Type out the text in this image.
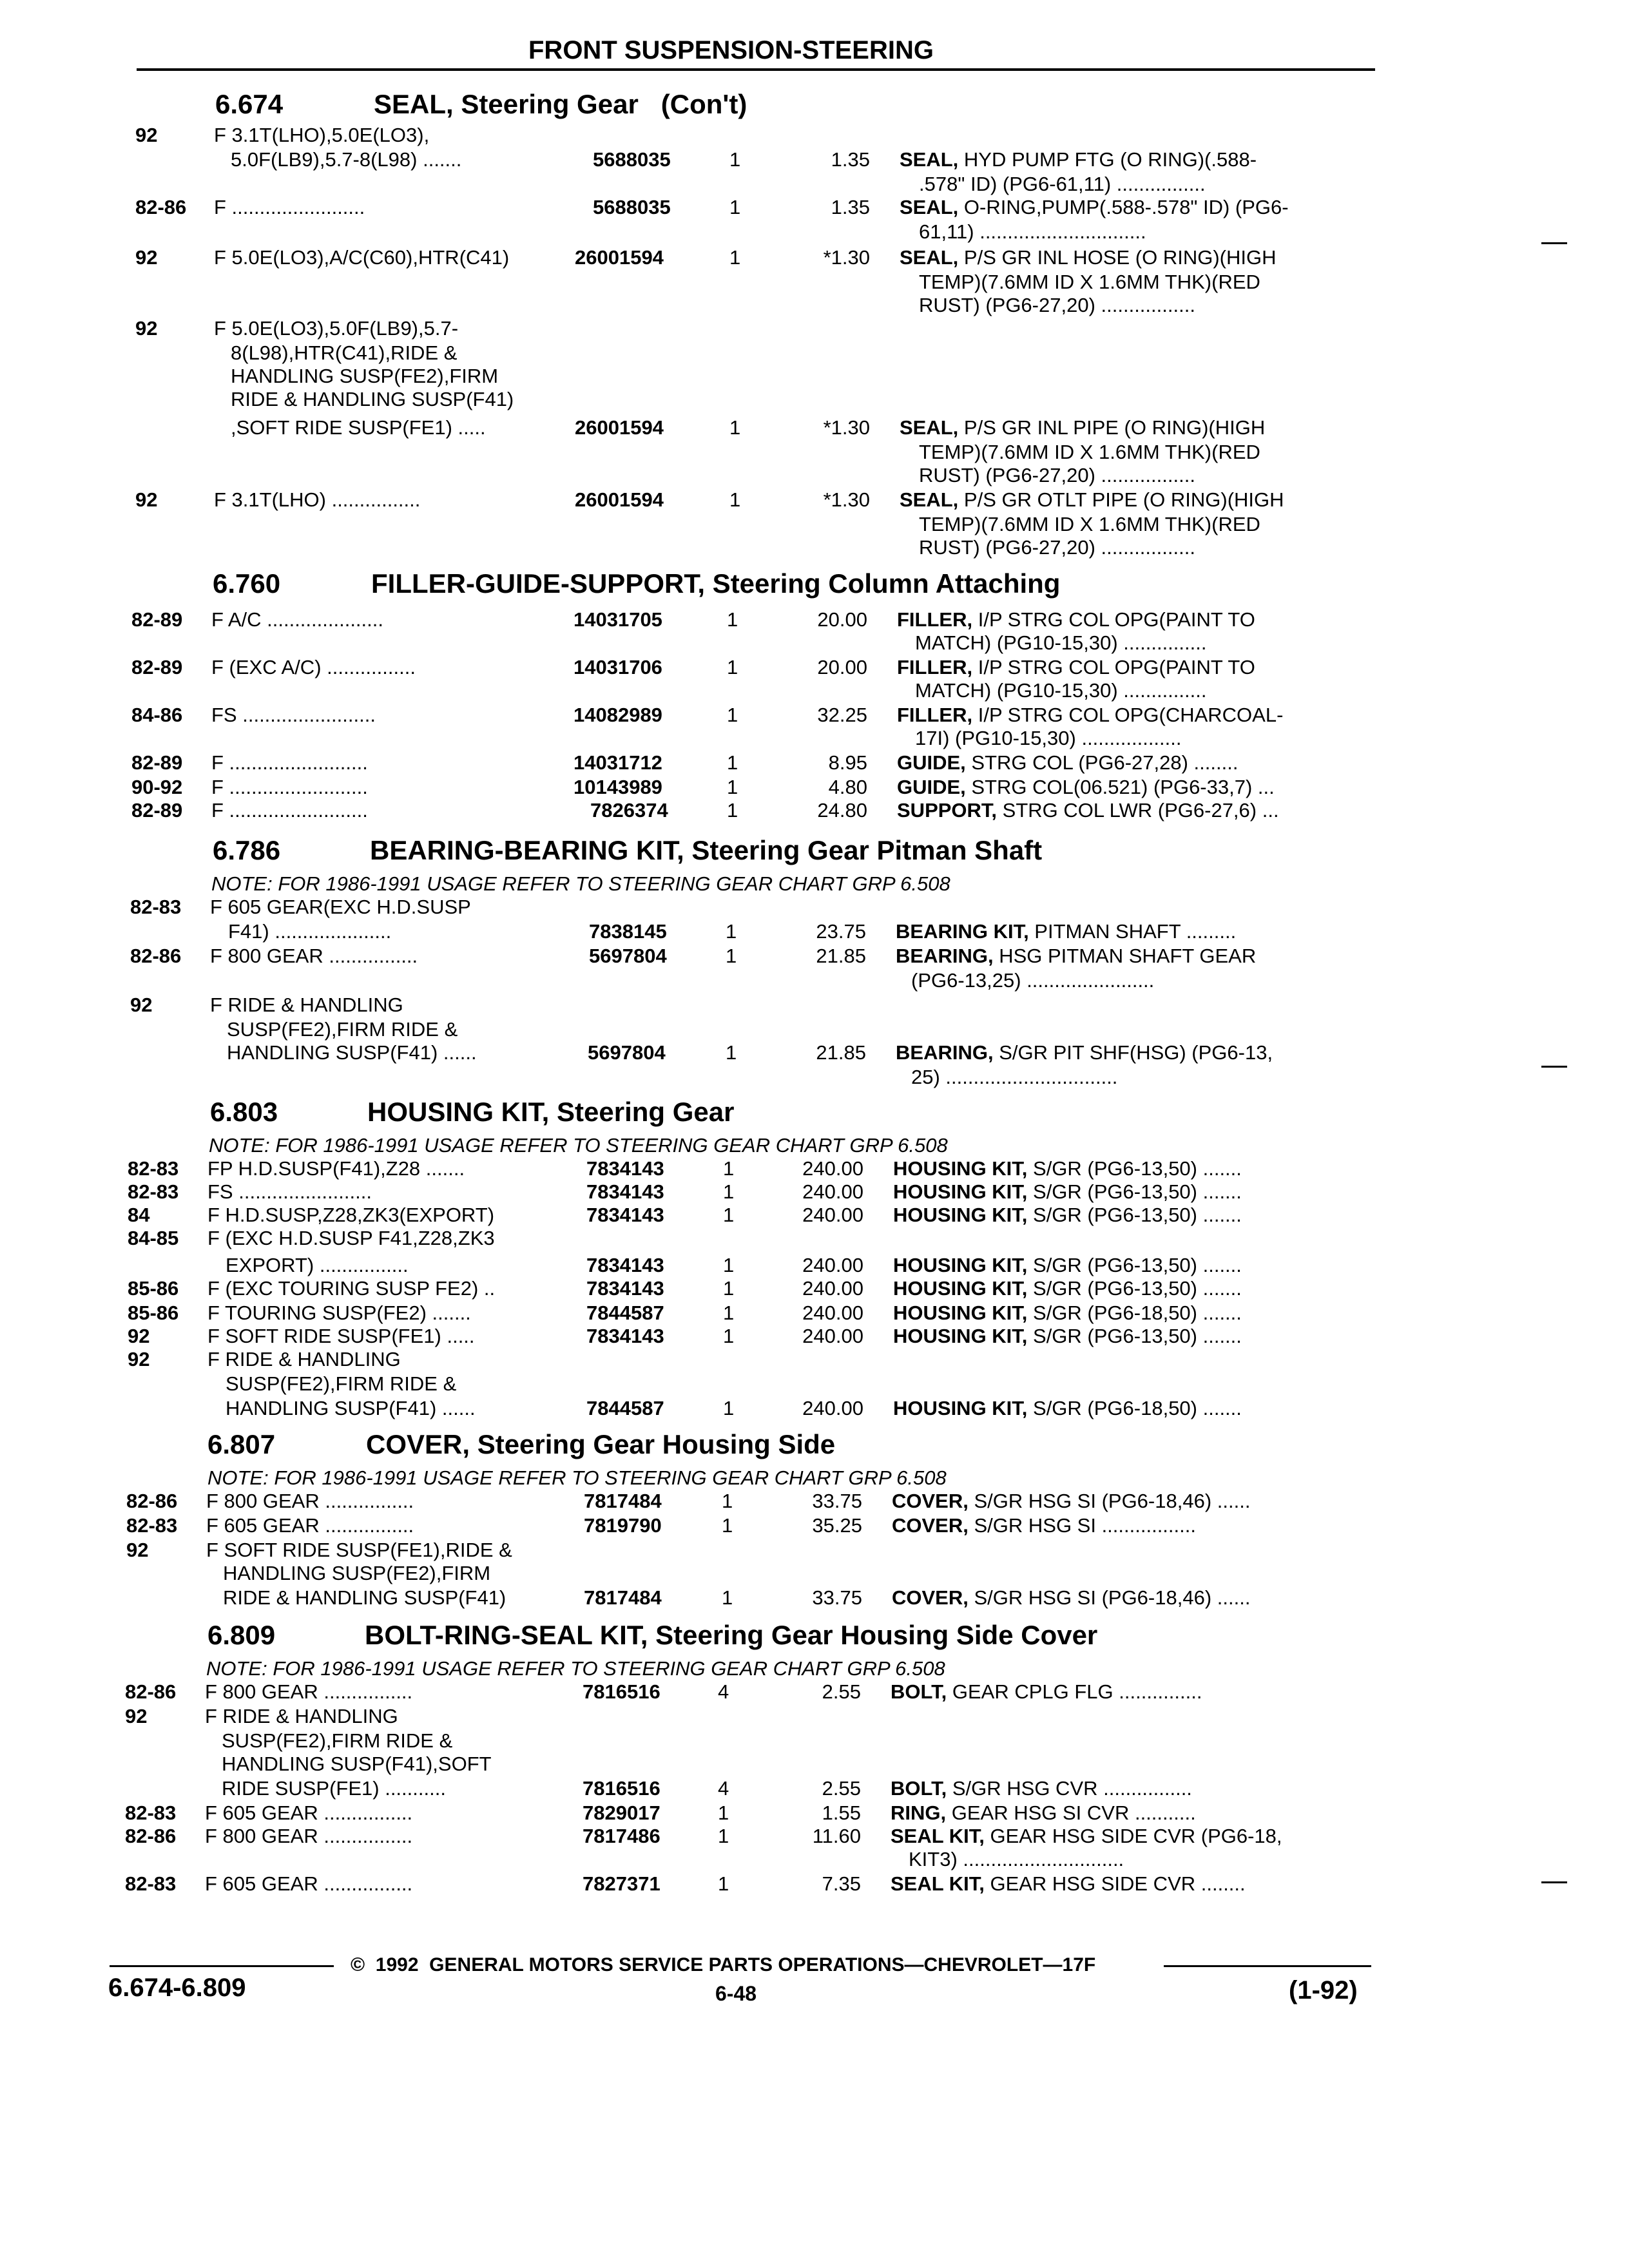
FRONT SUSPENSION-STEERING
6.674	SEAL, Steering Gear   (Con't)
92	F 3.1T(LHO),5.0E(LO3),
5.0F(LB9),5.7-8(L98) .......	5688035	1	1.35 SEAL, HYD PUMP FTG (O RING)(.588-
.578" ID) (PG6-61,11) ................
82-86 F ........................	5688035	1	1.35 SEAL, O-RING,PUMP(.588-.578" ID) (PG6-
61,11) ..............................
92	F 5.0E(LO3),A/C(C60),HTR(C41)	26001594	1	*1.30 SEAL, P/S GR INL HOSE (O RING)(HIGH
TEMP)(7.6MM ID X 1.6MM THK)(RED
RUST) (PG6-27,20) .................
92	F 5.0E(LO3),5.0F(LB9),5.7-
8(L98),HTR(C41),RIDE &
HANDLING SUSP(FE2),FIRM
RIDE & HANDLING SUSP(F41)
,SOFT RIDE SUSP(FE1) .....	26001594	1	*1.30 SEAL, P/S GR INL PIPE (O RING)(HIGH
TEMP)(7.6MM ID X 1.6MM THK)(RED
RUST) (PG6-27,20) .................
92	F 3.1T(LHO) ................	26001594	1	*1.30 SEAL, P/S GR OTLT PIPE (O RING)(HIGH
TEMP)(7.6MM ID X 1.6MM THK)(RED
RUST) (PG6-27,20) .................
6.760	FILLER-GUIDE-SUPPORT, Steering Column Attaching
82-89 F A/C .....................	14031705	1	20.00 FILLER, I/P STRG COL OPG(PAINT TO
MATCH) (PG10-15,30) ...............
82-89 F (EXC A/C) ................	14031706	1	20.00 FILLER, I/P STRG COL OPG(PAINT TO
MATCH) (PG10-15,30) ...............
84-86 FS ........................	14082989	1	32.25 FILLER, I/P STRG COL OPG(CHARCOAL-
17I) (PG10-15,30) ..................
82-89 F .........................	14031712	1	8.95 GUIDE, STRG COL (PG6-27,28) ........
90-92 F .........................	10143989	1	4.80 GUIDE, STRG COL(06.521) (PG6-33,7) ...
82-89 F .........................	7826374	1	24.80 SUPPORT, STRG COL LWR (PG6-27,6) ...
6.786	BEARING-BEARING KIT, Steering Gear Pitman Shaft
NOTE: FOR 1986-1991 USAGE REFER TO STEERING GEAR CHART GRP 6.508
82-83 F 605 GEAR(EXC H.D.SUSP
F41) .....................	7838145	1	23.75 BEARING KIT, PITMAN SHAFT .........
82-86 F 800 GEAR ................	5697804	1	21.85 BEARING, HSG PITMAN SHAFT GEAR
(PG6-13,25) .......................
92	F RIDE & HANDLING
SUSP(FE2),FIRM RIDE &
HANDLING SUSP(F41) ......	5697804	1	21.85 BEARING, S/GR PIT SHF(HSG) (PG6-13,
25) ...............................
6.803	HOUSING KIT, Steering Gear
NOTE: FOR 1986-1991 USAGE REFER TO STEERING GEAR CHART GRP 6.508
82-83 FP H.D.SUSP(F41),Z28 .......	7834143	1	240.00 HOUSING KIT, S/GR (PG6-13,50) .......
82-83 FS ........................	7834143	1	240.00 HOUSING KIT, S/GR (PG6-13,50) .......
84	F H.D.SUSP,Z28,ZK3(EXPORT)	7834143	1	240.00 HOUSING KIT, S/GR (PG6-13,50) .......
84-85 F (EXC H.D.SUSP F41,Z28,ZK3
EXPORT) ................	7834143	1	240.00 HOUSING KIT, S/GR (PG6-13,50) .......
85-86 F (EXC TOURING SUSP FE2) ..	7834143	1	240.00 HOUSING KIT, S/GR (PG6-13,50) .......
85-86 F TOURING SUSP(FE2) .......	7844587	1	240.00 HOUSING KIT, S/GR (PG6-18,50) .......
92	F SOFT RIDE SUSP(FE1) .....	7834143	1	240.00 HOUSING KIT, S/GR (PG6-13,50) .......
92	F RIDE & HANDLING
SUSP(FE2),FIRM RIDE &
HANDLING SUSP(F41) ......	7844587	1	240.00 HOUSING KIT, S/GR (PG6-18,50) .......
6.807	COVER, Steering Gear Housing Side
NOTE: FOR 1986-1991 USAGE REFER TO STEERING GEAR CHART GRP 6.508
82-86 F 800 GEAR ................	7817484	1	33.75 COVER, S/GR HSG SI (PG6-18,46) ......
82-83 F 605 GEAR ................	7819790	1	35.25 COVER, S/GR HSG SI .................
92	F SOFT RIDE SUSP(FE1),RIDE &
HANDLING SUSP(FE2),FIRM
RIDE & HANDLING SUSP(F41)	7817484	1	33.75 COVER, S/GR HSG SI (PG6-18,46) ......
6.809	BOLT-RING-SEAL KIT, Steering Gear Housing Side Cover
NOTE: FOR 1986-1991 USAGE REFER TO STEERING GEAR CHART GRP 6.508
82-86 F 800 GEAR ................	7816516	4	2.55 BOLT, GEAR CPLG FLG ...............
92	F RIDE & HANDLING
SUSP(FE2),FIRM RIDE &
HANDLING SUSP(F41),SOFT
RIDE SUSP(FE1) ...........	7816516	4	2.55 BOLT, S/GR HSG CVR ................
82-83 F 605 GEAR ................	7829017	1	1.55 RING, GEAR HSG SI CVR ...........
82-86 F 800 GEAR ................	7817486	1	11.60 SEAL KIT, GEAR HSG SIDE CVR (PG6-18,
KIT3) .............................
82-83 F 605 GEAR ................	7827371	1	7.35 SEAL KIT, GEAR HSG SIDE CVR ........
©  1992  GENERAL MOTORS SERVICE PARTS OPERATIONS—CHEVROLET—17F
6.674-6.809	6-48	(1-92)
